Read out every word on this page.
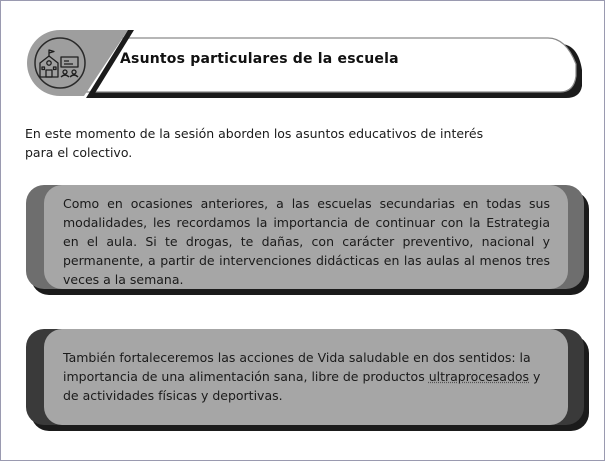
Asuntos particulares de la escuela
En este momento de la sesión aborden los asuntos educativos de interés para el colectivo.
Como en ocasiones anteriores, a las escuelas secundarias en todas sus modalidades, les recordamos la importancia de continuar con la Estrategia en el aula. Si te drogas, te dañas, con carácter preventivo, nacional y permanente, a partir de intervenciones didácticas en las aulas al menos tres veces a la semana.
También fortaleceremos las acciones de Vida saludable en dos sentidos: la importancia de una alimentación sana, libre de productos ultraprocesados y de actividades físicas y deportivas.
